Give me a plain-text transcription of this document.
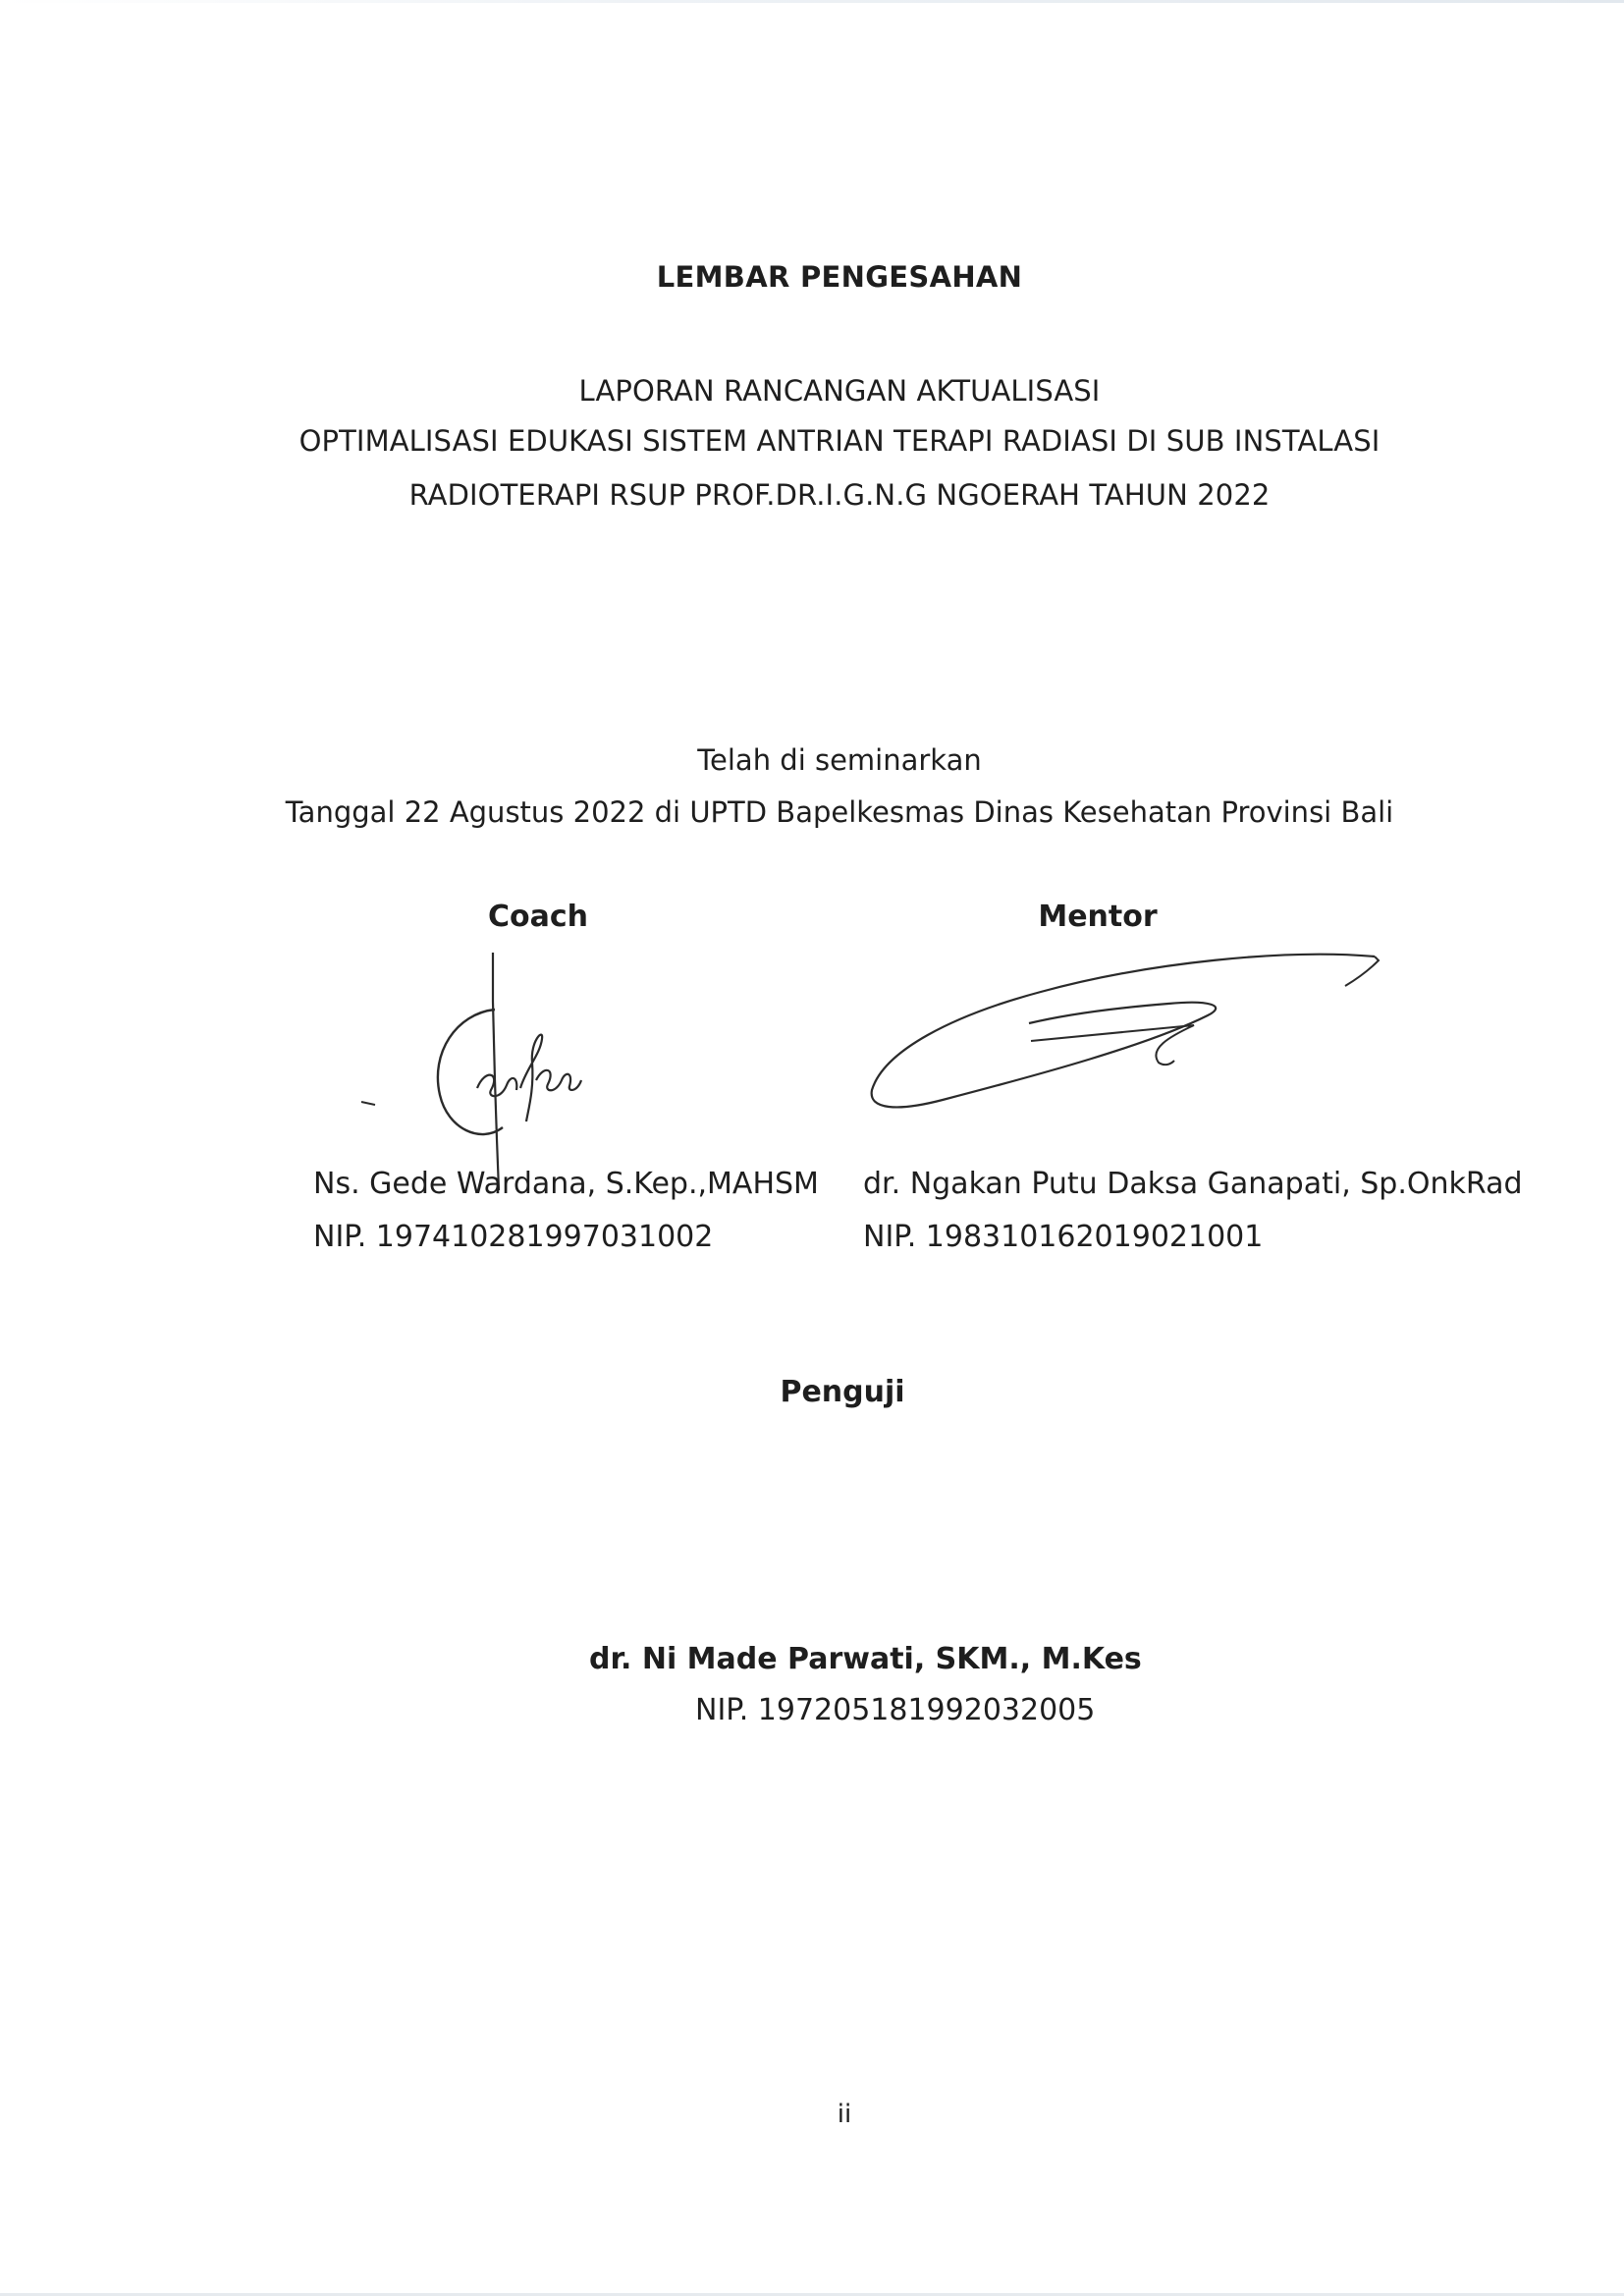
LEMBAR PENGESAHAN
LAPORAN RANCANGAN AKTUALISASI
OPTIMALISASI EDUKASI SISTEM ANTRIAN TERAPI RADIASI DI SUB INSTALASI
RADIOTERAPI RSUP PROF.DR.I.G.N.G NGOERAH TAHUN 2022
Telah di seminarkan
Tanggal 22 Agustus 2022 di UPTD Bapelkesmas Dinas Kesehatan Provinsi Bali
Coach
Ns. Gede Wardana, S.Kep.,MAHSM
NIP. 197410281997031002
Mentor
dr. Ngakan Putu Daksa Ganapati, Sp.OnkRad
NIP. 198310162019021001
Penguji
dr. Ni Made Parwati, SKM., M.Kes
NIP. 197205181992032005
ii
